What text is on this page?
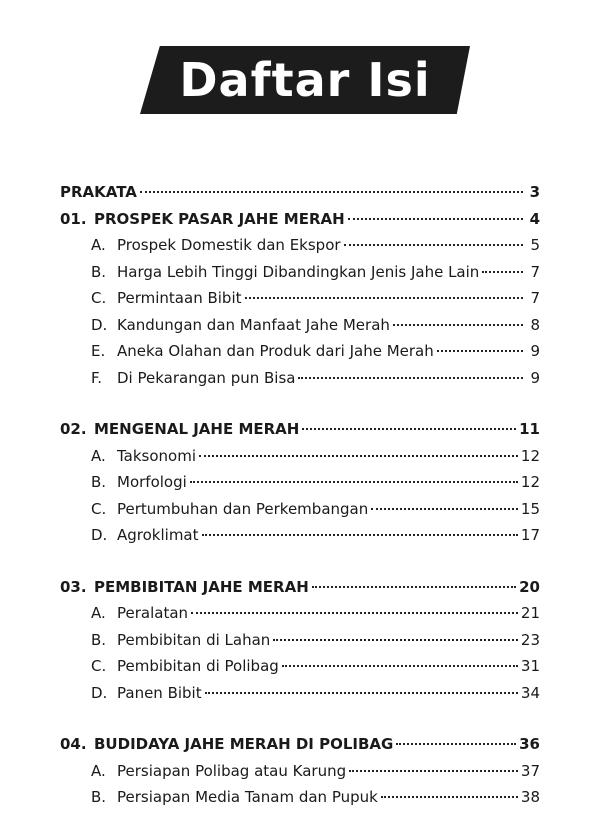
Daftar Isi
PRAKATA	3
01. PROSPEK PASAR JAHE MERAH	4
A. Prospek Domestik dan Ekspor	5
B. Harga Lebih Tinggi Dibandingkan Jenis Jahe Lain	7
C. Permintaan Bibit	7
D. Kandungan dan Manfaat Jahe Merah	8
E. Aneka Olahan dan Produk dari Jahe Merah	9
F.	Di Pekarangan pun Bisa	9
02. MENGENAL JAHE MERAH	11
A. Taksonomi	12
B. Morfologi	12
C. Pertumbuhan dan Perkembangan	15
D. Agroklimat	17
03. PEMBIBITAN JAHE MERAH	20
A. Peralatan	21
B. Pembibitan di Lahan	23
C. Pembibitan di Polibag	31
D. Panen Bibit	34
04. BUDIDAYA JAHE MERAH DI POLIBAG	36
A. Persiapan Polibag atau Karung	37
B. Persiapan Media Tanam dan Pupuk	38
